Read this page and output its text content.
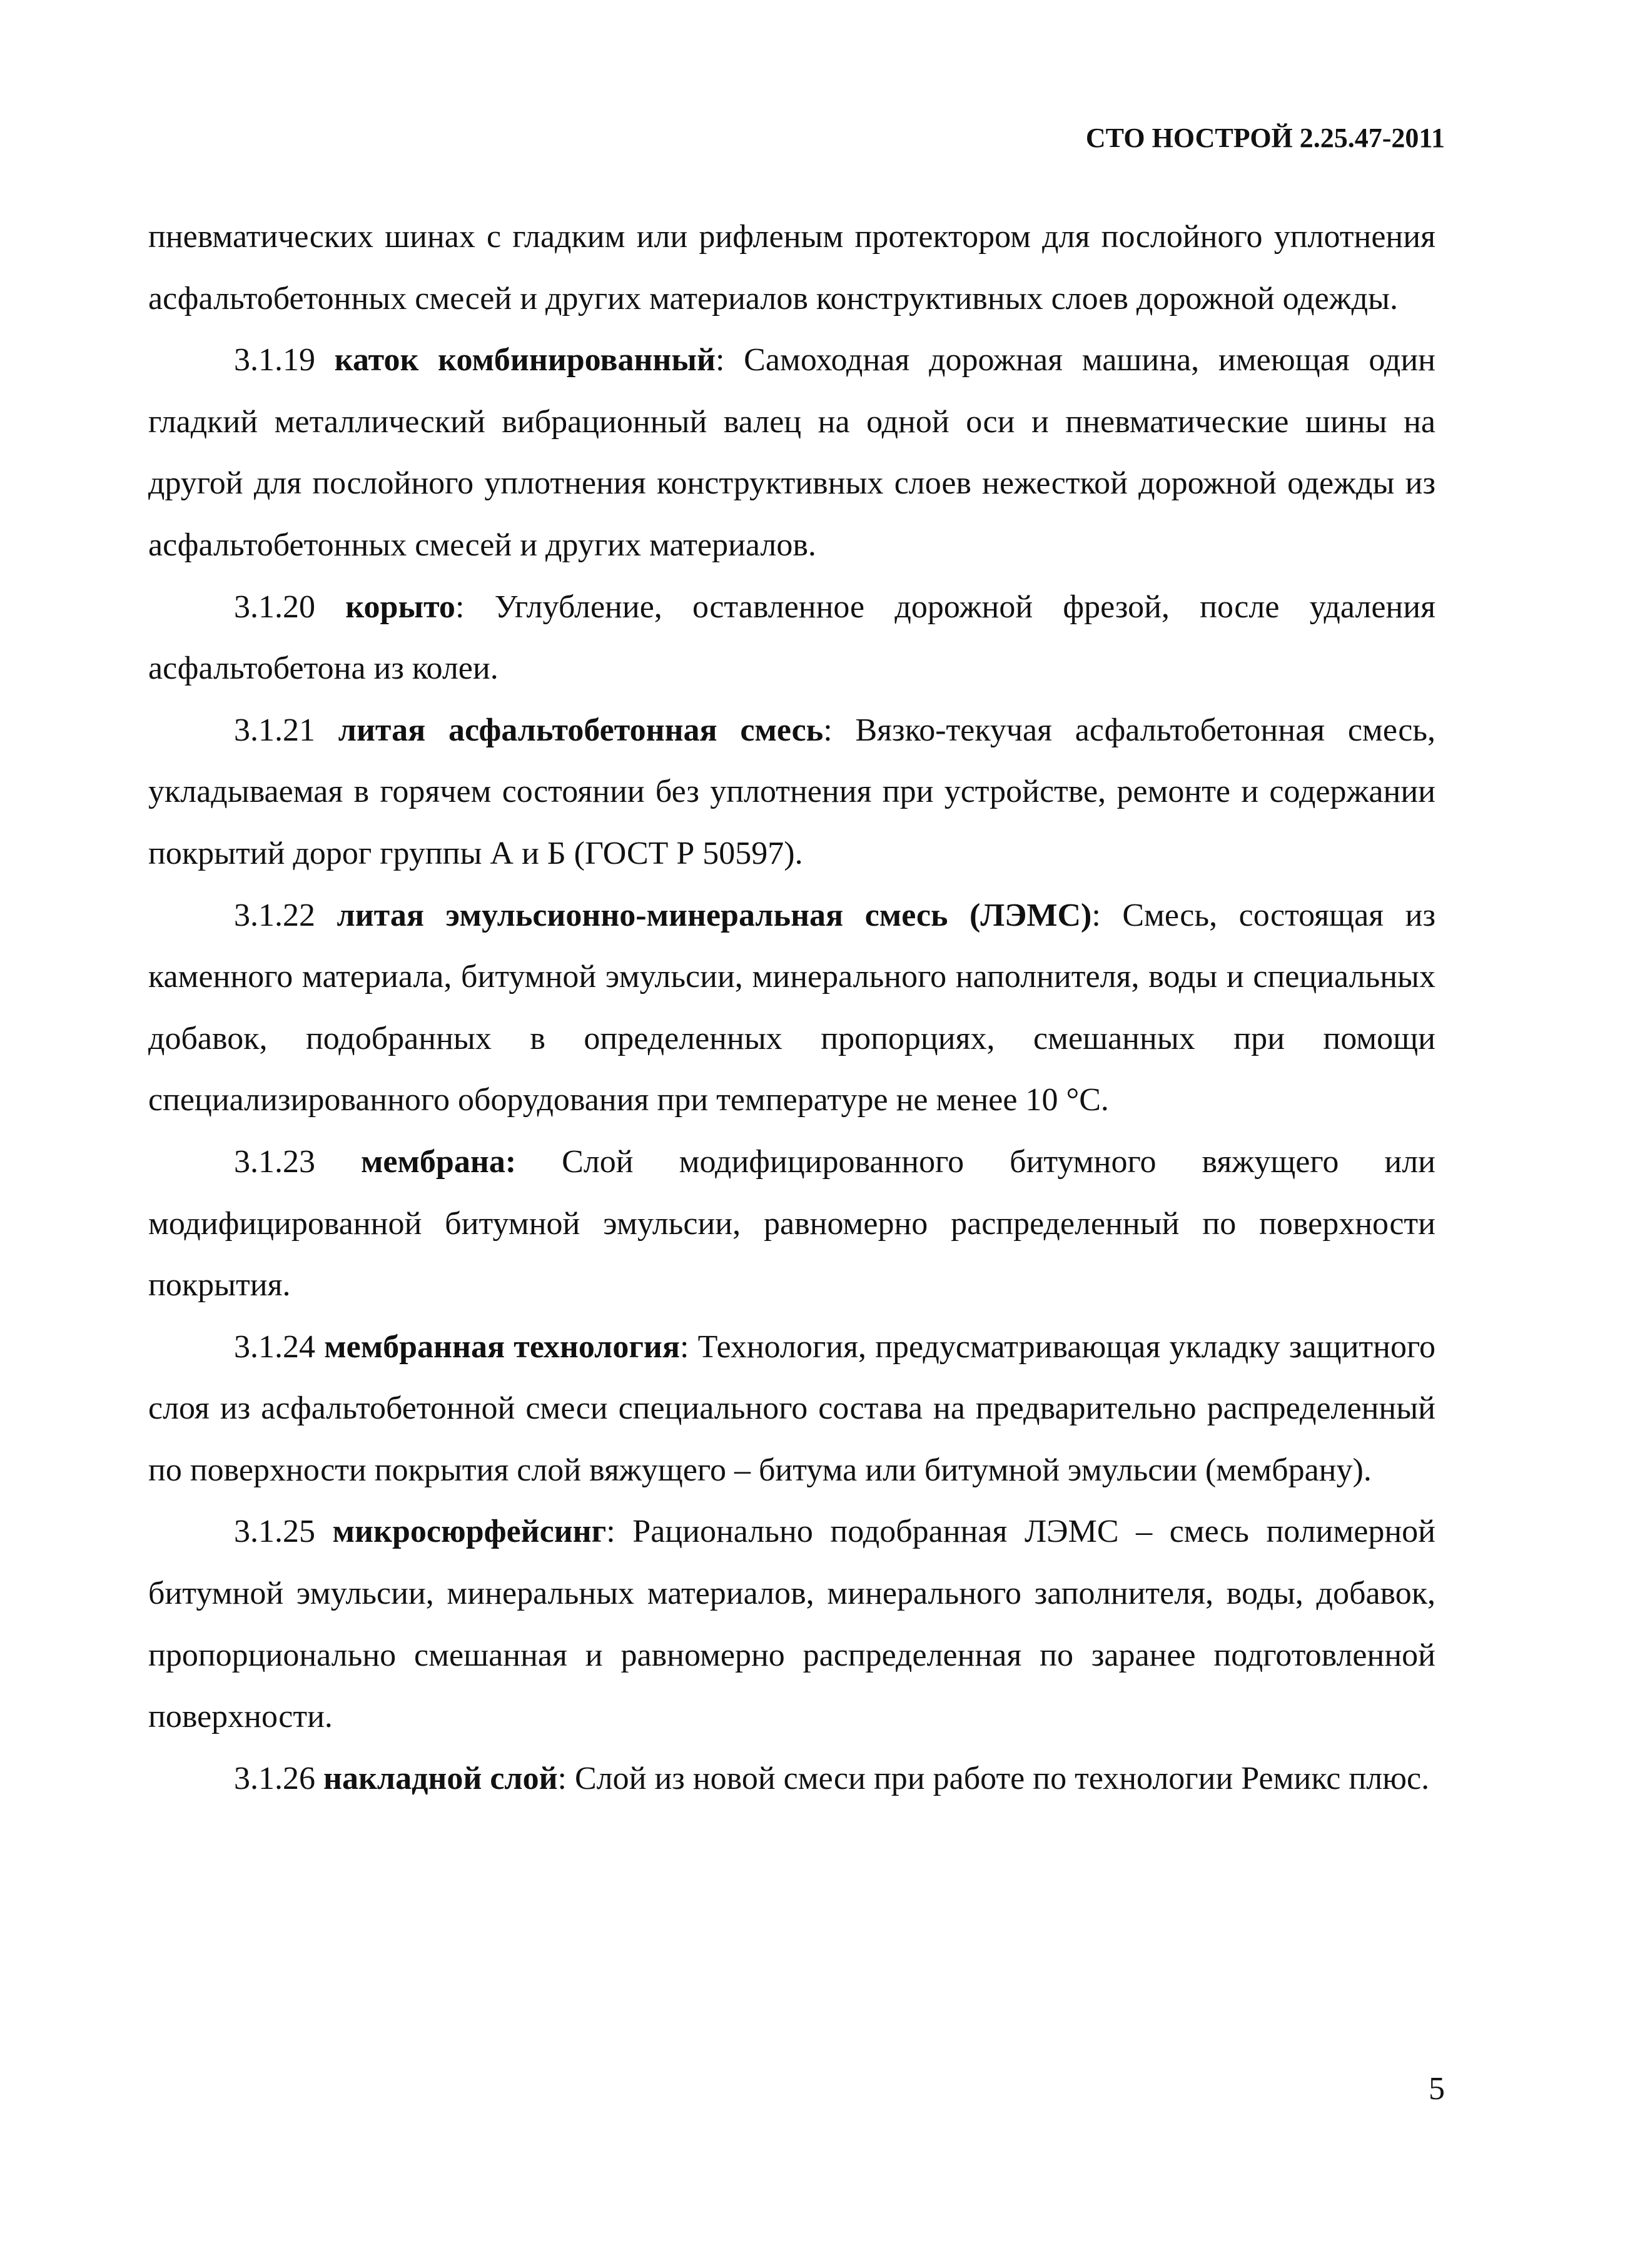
СТО НОСТРОЙ 2.25.47-2011

пневматических шинах с гладким или рифленым протектором для послойного уплотнения асфальтобетонных смесей и других материалов конструктивных слоев дорожной одежды.

3.1.19 каток комбинированный: Самоходная дорожная машина, имеющая один гладкий металлический вибрационный валец на одной оси и пневматические шины на другой для послойного уплотнения конструктивных слоев нежесткой дорожной одежды из асфальтобетонных смесей и других материалов.

3.1.20 корыто: Углубление, оставленное дорожной фрезой, после удаления асфальтобетона из колеи.

3.1.21 литая асфальтобетонная смесь: Вязко-текучая асфальтобетонная смесь, укладываемая в горячем состоянии без уплотнения при устройстве, ремонте и содержании покрытий дорог группы А и Б (ГОСТ Р 50597).

3.1.22 литая эмульсионно-минеральная смесь (ЛЭМС): Смесь, состоящая из каменного материала, битумной эмульсии, минерального наполнителя, воды и специальных добавок, подобранных в определенных пропорциях, смешанных при помощи специализированного оборудования при температуре не менее 10 °С.

3.1.23 мембрана: Слой модифицированного битумного вяжущего или модифицированной битумной эмульсии, равномерно распределенный по поверхности покрытия.

3.1.24 мембранная технология: Технология, предусматривающая укладку защитного слоя из асфальтобетонной смеси специального состава на предварительно распределенный по поверхности покрытия слой вяжущего – битума или битумной эмульсии (мембрану).

3.1.25 микросюрфейсинг: Рационально подобранная ЛЭМС – смесь полимерной битумной эмульсии, минеральных материалов, минерального заполнителя, воды, добавок, пропорционально смешанная и равномерно распределенная по заранее подготовленной поверхности.

3.1.26 накладной слой: Слой из новой смеси при работе по технологии Ремикс плюс.

5
